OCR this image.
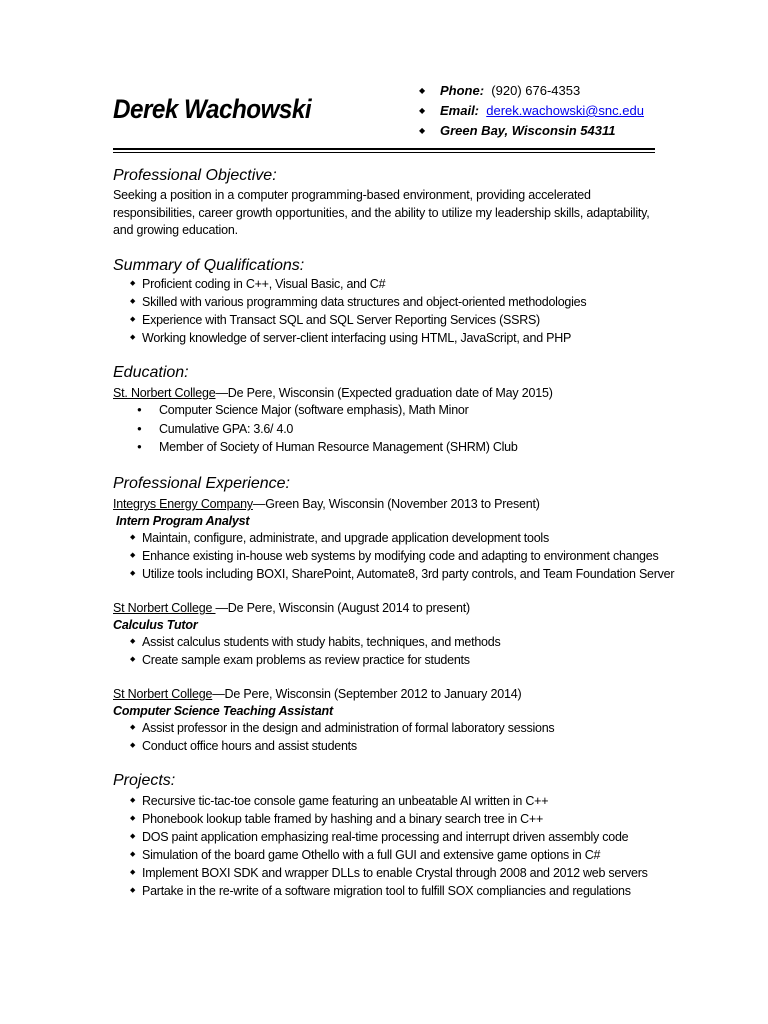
Derek Wachowski
◆ Phone: (920) 676-4353
◆ Email: derek.wachowski@snc.edu
◆ Green Bay, Wisconsin 54311
Professional Objective:
Seeking a position in a computer programming-based environment, providing accelerated
responsibilities, career growth opportunities, and the ability to utilize my leadership skills, adaptability,
and growing education.
Summary of Qualifications:
◆ Proficient coding in C++, Visual Basic, and C#
◆ Skilled with various programming data structures and object-oriented methodologies
◆ Experience with Transact SQL and SQL Server Reporting Services (SSRS)
◆ Working knowledge of server-client interfacing using HTML, JavaScript, and PHP
Education:
St. Norbert College—De Pere, Wisconsin (Expected graduation date of May 2015)
● Computer Science Major (software emphasis), Math Minor
● Cumulative GPA: 3.6/ 4.0
● Member of Society of Human Resource Management (SHRM) Club
Professional Experience:
Integrys Energy Company—Green Bay, Wisconsin (November 2013 to Present)
Intern Program Analyst
◆ Maintain, configure, administrate, and upgrade application development tools
◆ Enhance existing in-house web systems by modifying code and adapting to environment changes
◆ Utilize tools including BOXI, SharePoint, Automate8, 3rd party controls, and Team Foundation Server
St Norbert College —De Pere, Wisconsin (August 2014 to present)
Calculus Tutor
◆ Assist calculus students with study habits, techniques, and methods
◆ Create sample exam problems as review practice for students
St Norbert College—De Pere, Wisconsin (September 2012 to January 2014)
Computer Science Teaching Assistant
◆ Assist professor in the design and administration of formal laboratory sessions
◆ Conduct office hours and assist students
Projects:
◆ Recursive tic-tac-toe console game featuring an unbeatable AI written in C++
◆ Phonebook lookup table framed by hashing and a binary search tree in C++
◆ DOS paint application emphasizing real-time processing and interrupt driven assembly code
◆ Simulation of the board game Othello with a full GUI and extensive game options in C#
◆ Implement BOXI SDK and wrapper DLLs to enable Crystal through 2008 and 2012 web servers
◆ Partake in the re-write of a software migration tool to fulfill SOX compliancies and regulations
